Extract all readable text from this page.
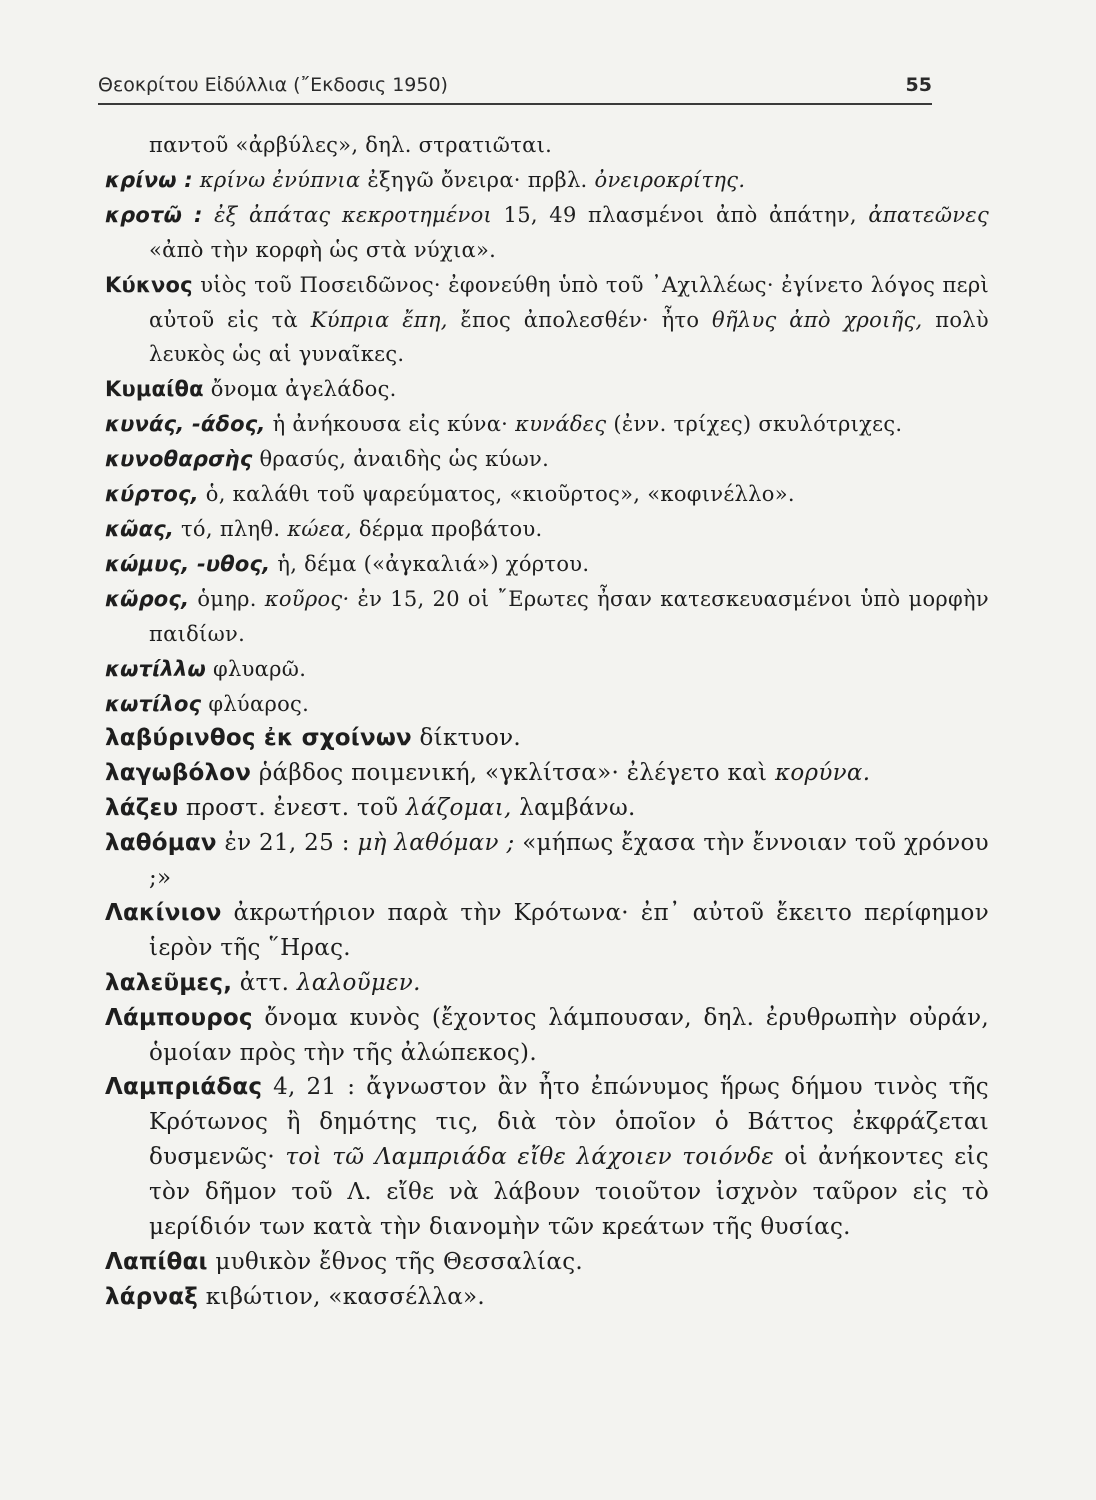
Θεοκρίτου Εἰδύλλια (῎Εκδοσις 1950)	55
παντοῦ «ἀρβύλες», δηλ. στρατιῶται.
κρίνω : κρίνω ἐνύπνια ἐξηγῶ ὄνειρα· πρβλ. ὀνειροκρίτης.
κροτῶ : ἐξ ἀπάτας κεκροτημένοι 15, 49 πλασμένοι ἀπὸ ἀπάτην, ἀπατεῶνες «ἀπὸ τὴν κορφὴ ὡς στὰ νύχια».
Κύκνος υἱὸς τοῦ Ποσειδῶνος· ἐφονεύθη ὑπὸ τοῦ ᾿Αχιλλέως· ἐγίνετο λόγος περὶ αὐτοῦ εἰς τὰ Κύπρια ἔπη, ἔπος ἀπολεσθέν· ἦτο θῆλυς ἀπὸ χροιῆς, πολὺ λευκὸς ὡς αἱ γυναῖκες.
Κυμαίθα ὄνομα ἀγελάδος.
κυνάς, -άδος, ἡ ἀνήκουσα εἰς κύνα· κυνάδες (ἐνν. τρίχες) σκυλότριχες.
κυνοθαρσὴς θρασύς, ἀναιδὴς ὡς κύων.
κύρτος, ὁ, καλάθι τοῦ ψαρεύματος, «κιοῦρτος», «κοφινέλλο».
κῶας, τό, πληθ. κώεα, δέρμα προβάτου.
κώμυς, -υθος, ἡ, δέμα («ἀγκαλιά») χόρτου.
κῶρος, ὁμηρ. κοῦρος· ἐν 15, 20 οἱ ῎Ερωτες ἦσαν κατεσκευασμένοι ὑπὸ μορφὴν παιδίων.
κωτίλλω φλυαρῶ.
κωτίλος φλύαρος.
λαβύρινθος ἐκ σχοίνων δίκτυον.
λαγωβόλον ῥάβδος ποιμενική, «γκλίτσα»· ἐλέγετο καὶ κορύνα.
λάζευ προστ. ἐνεστ. τοῦ λάζομαι, λαμβάνω.
λαθόμαν ἐν 21, 25 : μὴ λαθόμαν ; «μήπως ἔχασα τὴν ἔννοιαν τοῦ χρόνου ;»
Λακίνιον ἀκρωτήριον παρὰ τὴν Κρότωνα· ἐπ᾿ αὐτοῦ ἔκειτο περίφημον ἱερὸν τῆς ῞Ηρας.
λαλεῦμες, ἀττ. λαλοῦμεν.
Λάμπουρος ὄνομα κυνὸς (ἔχοντος λάμπουσαν, δηλ. ἐρυθρωπὴν οὐράν, ὁμοίαν πρὸς τὴν τῆς ἀλώπεκος).
Λαμπριάδας 4, 21 : ἄγνωστον ἂν ἦτο ἐπώνυμος ἥρως δήμου τινὸς τῆς Κρότωνος ἢ δημότης τις, διὰ τὸν ὁποῖον ὁ Βάττος ἐκφράζεται δυσμενῶς· τοὶ τῶ Λαμπριάδα εἴθε λάχοιεν τοιόνδε οἱ ἀνήκοντες εἰς τὸν δῆμον τοῦ Λ. εἴθε νὰ λάβουν τοιοῦτον ἰσχνὸν ταῦρον εἰς τὸ μερίδιόν των κατὰ τὴν διανομὴν τῶν κρεάτων τῆς θυσίας.
Λαπίθαι μυθικὸν ἔθνος τῆς Θεσσαλίας.
λάρναξ κιβώτιον, «κασσέλλα».
